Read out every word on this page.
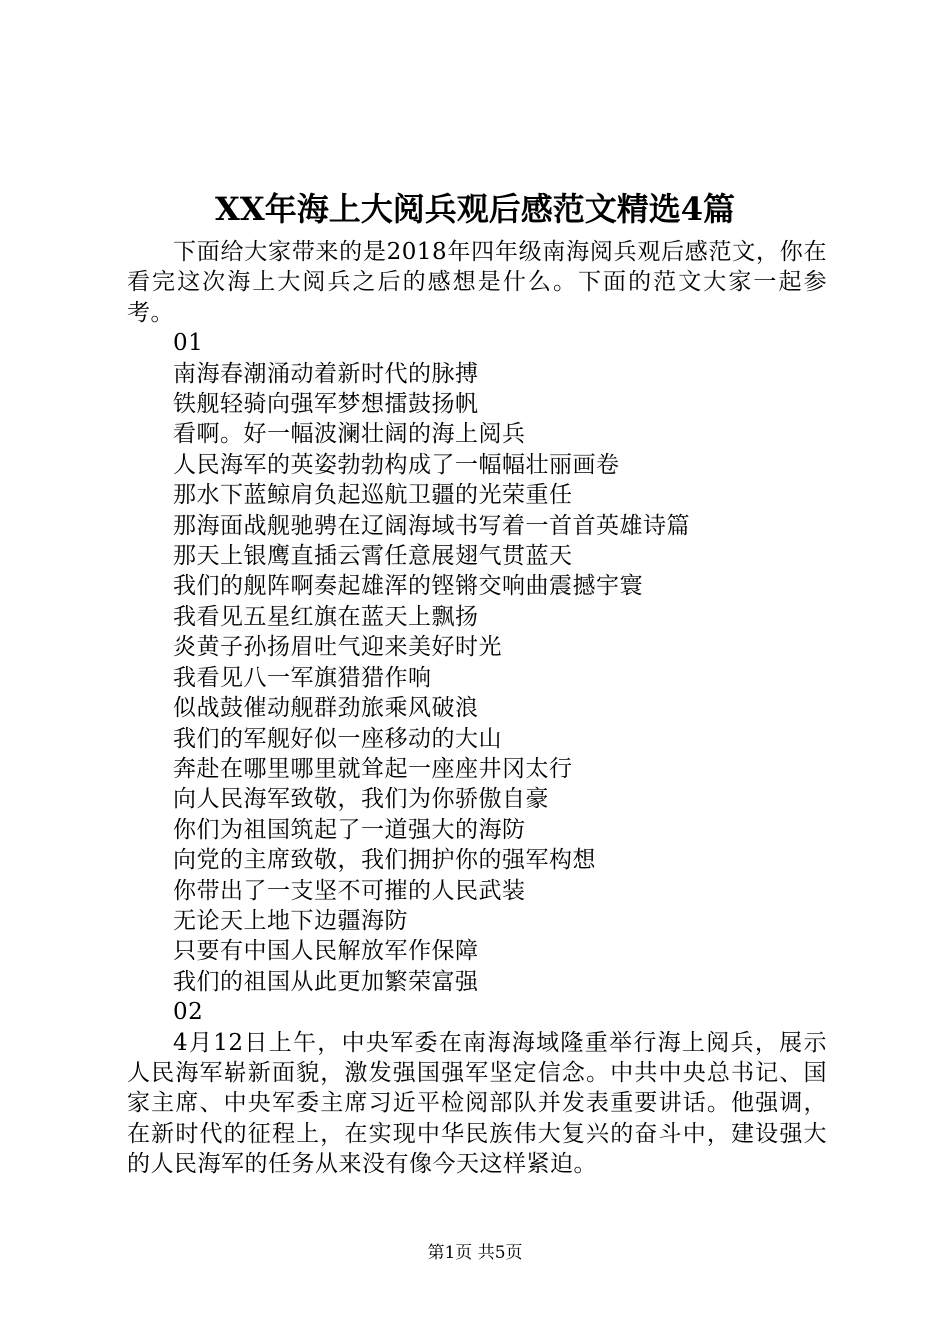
XX年海上大阅兵观后感范文精选4篇

下面给大家带来的是2018年四年级南海阅兵观后感范文，你在看完这次海上大阅兵之后的感想是什么。下面的范文大家一起参考。

01

南海春潮涌动着新时代的脉搏

铁舰轻骑向强军梦想擂鼓扬帆

看啊。好一幅波澜壮阔的海上阅兵

人民海军的英姿勃勃构成了一幅幅壮丽画卷

那水下蓝鲸肩负起巡航卫疆的光荣重任

那海面战舰驰骋在辽阔海域书写着一首首英雄诗篇

那天上银鹰直插云霄任意展翅气贯蓝天

我们的舰阵啊奏起雄浑的铿锵交响曲震撼宇寰

我看见五星红旗在蓝天上飘扬

炎黄子孙扬眉吐气迎来美好时光

我看见八一军旗猎猎作响

似战鼓催动舰群劲旅乘风破浪

我们的军舰好似一座移动的大山

奔赴在哪里哪里就耸起一座座井冈太行

向人民海军致敬，我们为你骄傲自豪

你们为祖国筑起了一道强大的海防

向党的主席致敬，我们拥护你的强军构想

你带出了一支坚不可摧的人民武装

无论天上地下边疆海防

只要有中国人民解放军作保障

我们的祖国从此更加繁荣富强

02

4月12日上午，中央军委在南海海域隆重举行海上阅兵，展示人民海军崭新面貌，激发强国强军坚定信念。中共中央总书记、国家主席、中央军委主席习近平检阅部队并发表重要讲话。他强调，在新时代的征程上，在实现中华民族伟大复兴的奋斗中，建设强大的人民海军的任务从来没有像今天这样紧迫。

第1页 共5页
